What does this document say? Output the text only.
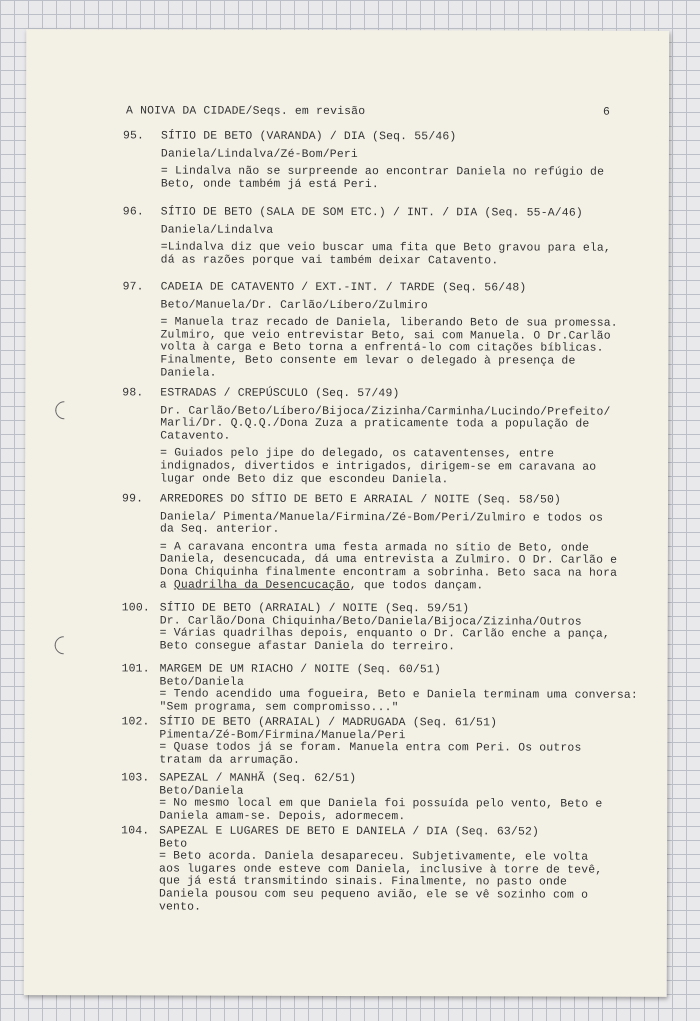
A NOIVA DA CIDADE/Seqs. em revisão	6
95. SÍTIO DE BETO (VARANDA) / DIA (Seq. 55/46)
Daniela/Lindalva/Zé-Bom/Peri
= Lindalva não se surpreende ao encontrar Daniela no refúgio de
Beto, onde também já está Peri.
96. SÍTIO DE BETO (SALA DE SOM ETC.) / INT. / DIA (Seq. 55-A/46)
Daniela/Lindalva
=Lindalva diz que veio buscar uma fita que Beto gravou para ela,
dá as razões porque vai também deixar Catavento.
97. CADEIA DE CATAVENTO / EXT.-INT. / TARDE (Seq. 56/48)
Beto/Manuela/Dr. Carlão/Líbero/Zulmiro
= Manuela traz recado de Daniela, liberando Beto de sua promessa.
Zulmiro, que veio entrevistar Beto, sai com Manuela. O Dr.Carlão
volta à carga e Beto torna a enfrentá-lo com citações bíblicas.
Finalmente, Beto consente em levar o delegado à presença de
Daniela.
98. ESTRADAS / CREPÚSCULO (Seq. 57/49)
Dr. Carlão/Beto/Líbero/Bijoca/Zizinha/Carminha/Lucindo/Prefeito/
Marli/Dr. Q.Q.Q./Dona Zuza a praticamente toda a população de
Catavento.
= Guiados pelo jipe do delegado, os cataventenses, entre
indignados, divertidos e intrigados, dirigem-se em caravana ao
lugar onde Beto diz que escondeu Daniela.
99. ARREDORES DO SÍTIO DE BETO E ARRAIAL / NOITE (Seq. 58/50)
Daniela/ Pimenta/Manuela/Firmina/Zé-Bom/Peri/Zulmiro e todos os
da Seq. anterior.
= A caravana encontra uma festa armada no sítio de Beto, onde
Daniela, desencucada, dá uma entrevista a Zulmiro. O Dr. Carlão e
Dona Chiquinha finalmente encontram a sobrinha. Beto saca na hora
a Quadrilha da Desencucação, que todos dançam.
100. SÍTIO DE BETO (ARRAIAL) / NOITE (Seq. 59/51)
Dr. Carlão/Dona Chiquinha/Beto/Daniela/Bijoca/Zizinha/Outros
= Várias quadrilhas depois, enquanto o Dr. Carlão enche a pança,
Beto consegue afastar Daniela do terreiro.
101. MARGEM DE UM RIACHO / NOITE (Seq. 60/51)
Beto/Daniela
= Tendo acendido uma fogueira, Beto e Daniela terminam uma conversa:
"Sem programa, sem compromisso..."
102. SÍTIO DE BETO (ARRAIAL) / MADRUGADA (Seq. 61/51)
Pimenta/Zé-Bom/Firmina/Manuela/Peri
= Quase todos já se foram. Manuela entra com Peri. Os outros
tratam da arrumação.
103. SAPEZAL / MANHÃ (Seq. 62/51)
Beto/Daniela
= No mesmo local em que Daniela foi possuída pelo vento, Beto e
Daniela amam-se. Depois, adormecem.
104. SAPEZAL E LUGARES DE BETO E DANIELA / DIA (Seq. 63/52)
Beto
= Beto acorda. Daniela desapareceu. Subjetivamente, ele volta
aos lugares onde esteve com Daniela, inclusive à torre de tevê,
que já está transmitindo sinais. Finalmente, no pasto onde
Daniela pousou com seu pequeno avião, ele se vê sozinho com o
vento.
